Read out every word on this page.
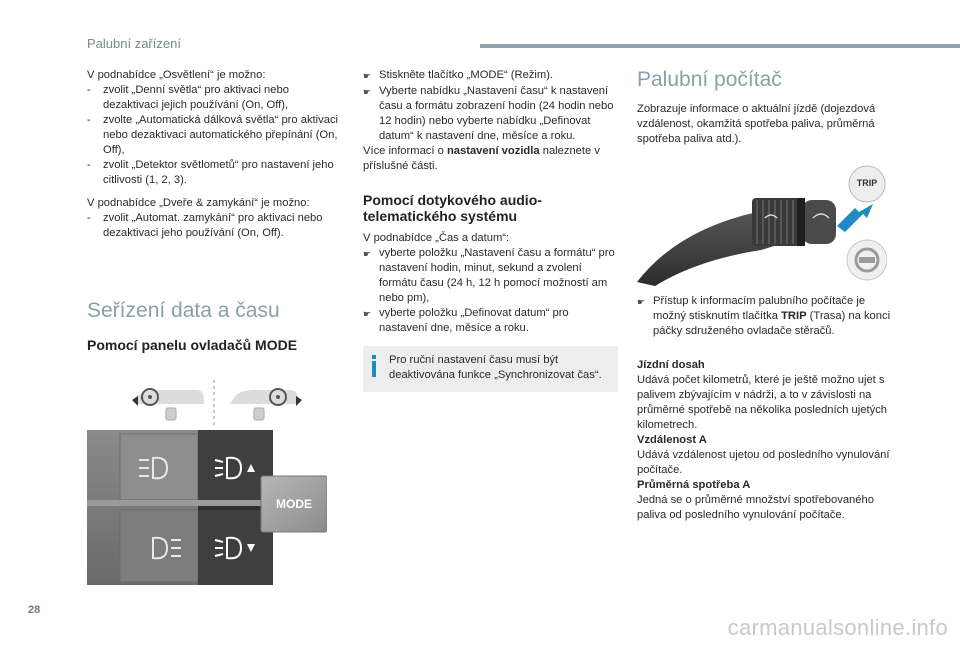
Palubní zařízení

V podnabídce „Osvětlení“ je možno:

-	zvolit „Denní světla“ pro aktivaci nebo dezaktivaci jejich používání (On, Off),
-	zvolte „Automatická dálková světla“ pro aktivaci nebo dezaktivaci automatického přepínání (On, Off),
-	zvolit „Detektor světlometů“ pro nastavení jeho citlivosti (1, 2, 3).

V podnabídce „Dveře & zamykání“ je možno:

-	zvolit „Automat. zamykání“ pro aktivaci nebo dezaktivaci jeho používání (On, Off).
Seřízení data a času
Pomocí panelu ovladačů MODE
MODE
☛ Stiskněte tlačítko „MODE“ (Režim).
☛ Vyberte nabídku „Nastavení času“ k nastavení času a formátu zobrazení hodin (24 hodin nebo 12 hodin) nebo vyberte nabídku „Definovat datum“ k nastavení dne, měsíce a roku.

Více informací o nastavení vozidla naleznete v příslušné části.

Pomocí dotykového audio-telematického systému

V podnabídce „Čas a datum“:

☛ vyberte položku „Nastavení času a formátu“ pro nastavení hodin, minut, sekund a zvolení formátu času (24 h, 12 h pomocí možností am nebo pm),
☛ vyberte položku „Definovat datum“ pro nastavení dne, měsíce a roku.
Pro ruční nastavení času musí být deaktivována funkce „Synchronizovat čas“.
Palubní počítač

Zobrazuje informace o aktuální jízdě (dojezdová vzdálenost, okamžitá spotřeba paliva, průměrná spotřeba paliva atd.).

TRIP
☛ Přístup k informacím palubního počítače je možný stisknutím tlačítka TRIP (Trasa) na konci páčky sdruženého ovladače stěračů.

Jízdní dosah

Udává počet kilometrů, které je ještě možno ujet s palivem zbývajícím v nádrži, a to v závislosti na průměrné spotřebě na několika posledních ujetých kilometrech.

Vzdálenost A

Udává vzdálenost ujetou od posledního vynulování počítače.

Průměrná spotřeba A

Jedná se o průměrné množství spotřebovaného paliva od posledního vynulování počítače.

28
carmanualsonline.info
